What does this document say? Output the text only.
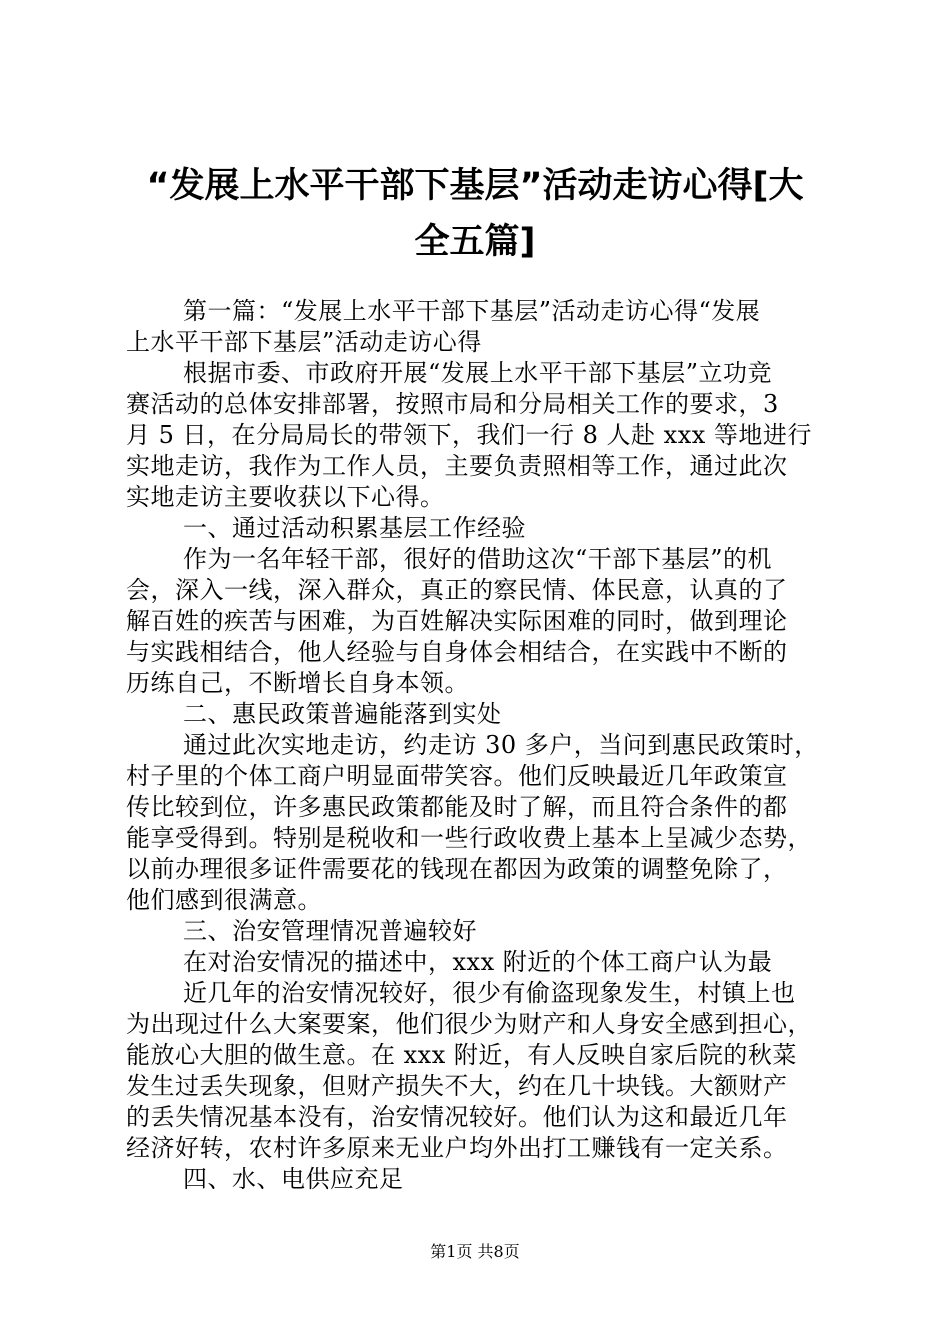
“发展上水平干部下基层”活动走访心得[大
全五篇]
第一篇：“发展上水平干部下基层”活动走访心得“发展
上水平干部下基层”活动走访心得
根据市委、市政府开展“发展上水平干部下基层”立功竞
赛活动的总体安排部署，按照市局和分局相关工作的要求，3
月 5 日，在分局局长的带领下，我们一行 8 人赴 xxx 等地进行
实地走访，我作为工作人员，主要负责照相等工作，通过此次
实地走访主要收获以下心得。
一、通过活动积累基层工作经验
作为一名年轻干部，很好的借助这次“干部下基层”的机
会，深入一线，深入群众，真正的察民情、体民意，认真的了
解百姓的疾苦与困难，为百姓解决实际困难的同时，做到理论
与实践相结合，他人经验与自身体会相结合，在实践中不断的
历练自己，不断增长自身本领。
二、惠民政策普遍能落到实处
通过此次实地走访，约走访 30 多户，当问到惠民政策时，
村子里的个体工商户明显面带笑容。他们反映最近几年政策宣
传比较到位，许多惠民政策都能及时了解，而且符合条件的都
能享受得到。特别是税收和一些行政收费上基本上呈减少态势，
以前办理很多证件需要花的钱现在都因为政策的调整免除了，
他们感到很满意。
三、治安管理情况普遍较好
在对治安情况的描述中，xxx 附近的个体工商户认为最
近几年的治安情况较好，很少有偷盗现象发生，村镇上也
为出现过什么大案要案，他们很少为财产和人身安全感到担心，
能放心大胆的做生意。在 xxx 附近，有人反映自家后院的秋菜
发生过丢失现象，但财产损失不大，约在几十块钱。大额财产
的丢失情况基本没有，治安情况较好。他们认为这和最近几年
经济好转，农村许多原来无业户均外出打工赚钱有一定关系。
四、水、电供应充足
第1页 共8页
